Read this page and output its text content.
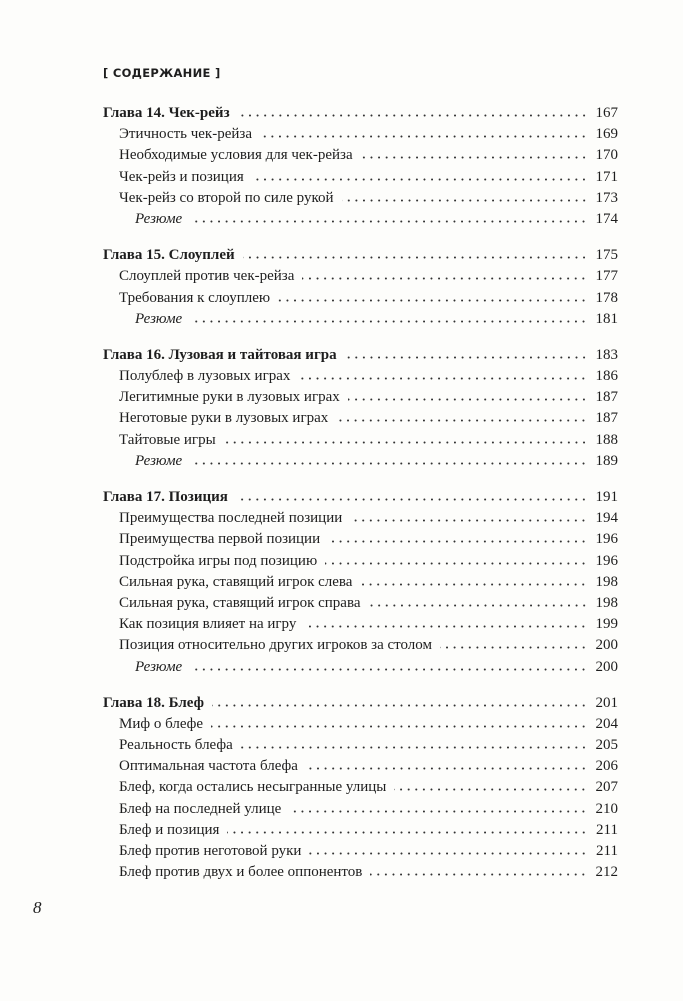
[ СОДЕРЖАНИЕ ]
Глава 14. Чек-рейз	167
Этичность чек-рейза	169
Необходимые условия для чек-рейза	170
Чек-рейз и позиция	171
Чек-рейз со второй по силе рукой	173
Резюме	174
Глава 15. Слоуплей	175
Слоуплей против чек-рейза	177
Требования к слоуплею	178
Резюме	181
Глава 16. Лузовая и тайтовая игра	183
Полублеф в лузовых играх	186
Легитимные руки в лузовых играх	187
Неготовые руки в лузовых играх	187
Тайтовые игры	188
Резюме	189
Глава 17. Позиция	191
Преимущества последней позиции	194
Преимущества первой позиции	196
Подстройка игры под позицию	196
Сильная рука, ставящий игрок слева	198
Сильная рука, ставящий игрок справа	198
Как позиция влияет на игру	199
Позиция относительно других игроков за столом	200
Резюме	200
Глава 18. Блеф	201
Миф о блефе	204
Реальность блефа	205
Оптимальная частота блефа	206
Блеф, когда остались несыгранные улицы	207
Блеф на последней улице	210
Блеф и позиция	211
Блеф против неготовой руки	211
Блеф против двух и более оппонентов	212
8
